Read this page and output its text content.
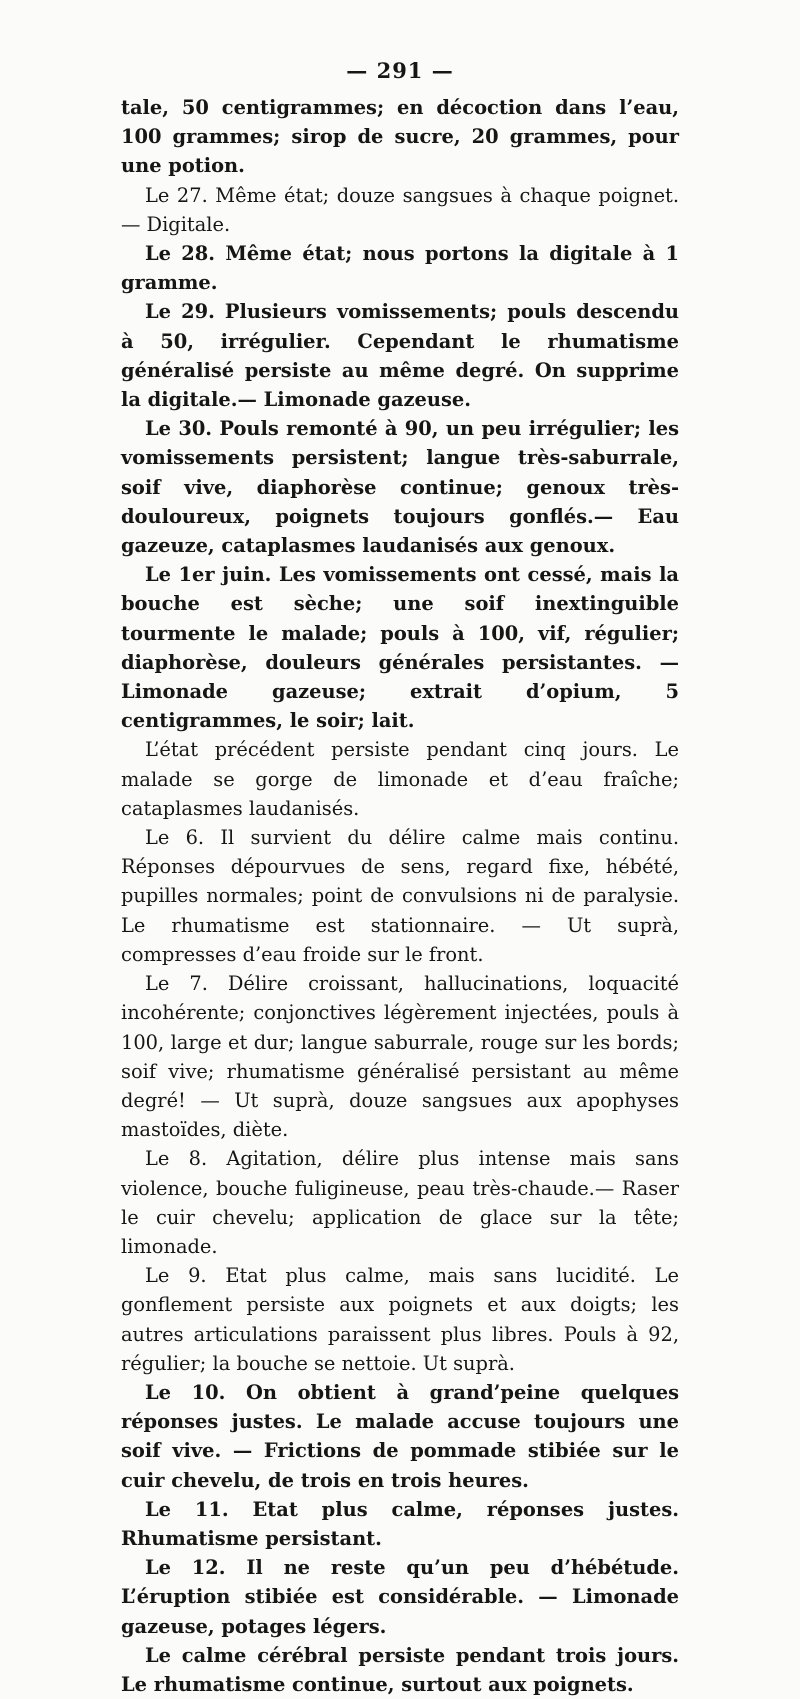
— 291 —

tale, 50 centigrammes; en décoction dans l’eau, 100 grammes; sirop de sucre, 20 grammes, pour une potion.

Le 27. Même état; douze sangsues à chaque poignet.— Digitale.

Le 28. Même état; nous portons la digitale à 1 gramme.

Le 29. Plusieurs vomissements; pouls descendu à 50, irrégulier. Cependant le rhumatisme généralisé persiste au même degré. On supprime la digitale.— Limonade gazeuse.

Le 30. Pouls remonté à 90, un peu irrégulier; les vomissements persistent; langue très-saburrale, soif vive, diaphorèse continue; genoux très-douloureux, poignets toujours gonflés.— Eau gazeuze, cataplasmes laudanisés aux genoux.

Le 1er juin. Les vomissements ont cessé, mais la bouche est sèche; une soif inextinguible tourmente le malade; pouls à 100, vif, régulier; diaphorèse, douleurs générales persistantes. — Limonade gazeuse; extrait d’opium, 5 centigrammes, le soir; lait.

L’état précédent persiste pendant cinq jours. Le malade se gorge de limonade et d’eau fraîche; cataplasmes laudanisés.

Le 6. Il survient du délire calme mais continu. Réponses dépourvues de sens, regard fixe, hébété, pupilles normales; point de convulsions ni de paralysie. Le rhumatisme est stationnaire. — Ut suprà, compresses d’eau froide sur le front.

Le 7. Délire croissant, hallucinations, loquacité incohérente; conjonctives légèrement injectées, pouls à 100, large et dur; langue saburrale, rouge sur les bords; soif vive; rhumatisme généralisé persistant au même degré! — Ut suprà, douze sangsues aux apophyses mastoïdes, diète.

Le 8. Agitation, délire plus intense mais sans violence, bouche fuligineuse, peau très-chaude.— Raser le cuir chevelu; application de glace sur la tête; limonade.

Le 9. Etat plus calme, mais sans lucidité. Le gonflement persiste aux poignets et aux doigts; les autres articulations paraissent plus libres. Pouls à 92, régulier; la bouche se nettoie. Ut suprà.

Le 10. On obtient à grand’peine quelques réponses justes. Le malade accuse toujours une soif vive. — Frictions de pommade stibiée sur le cuir chevelu, de trois en trois heures.

Le 11. Etat plus calme, réponses justes. Rhumatisme persistant.

Le 12. Il ne reste qu’un peu d’hébétude. L’éruption stibiée est considérable. — Limonade gazeuse, potages légers.

Le calme cérébral persiste pendant trois jours. Le rhumatisme continue, surtout aux poignets.
